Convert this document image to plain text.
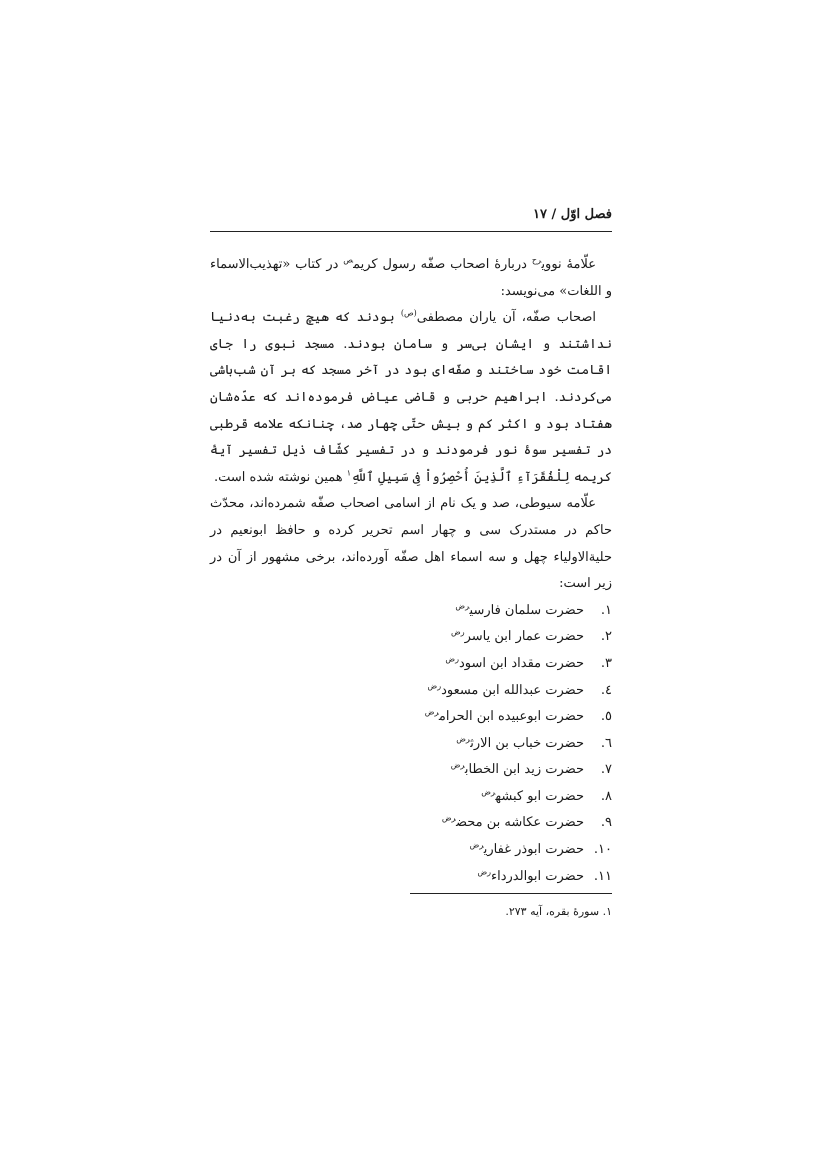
فصل اوّل / ١٧

علّامۀ نووی$^{رح}$ دربارۀ اصحاب صفّه رسول کریم$^ص$ در کتاب «تهذیب‌الاسماء و اللغات» می‌نویسد:

اصحاب صفّه، آن یاران مصطفی$^{(ص)}$ بودند که هیچ رغبت به‌دنیا نداشتند و ایشان بی‌سر و سامان بودند. مسجد نبوی را جای اقامت خود ساختند و صفّه‌ای بود در آخر مسجد که بر آن شب‌باشی می‌کردند. ابراهیم حربی و قاضی عیاض فرموده‌اند که عدّه‌شان هفتاد بود و اکثر کم و بیش حتّی چهار صد، چنانکه علامه قرطبی در تفسیر سوۀ نور فرمودند و در تفسیر کشّاف ذیل تفسیر آیۀ کریمه لِلْفُقَرَآءِ ٱلَّذِينَ أُحْصِرُواْ فِى سَبِيلِ ٱللَّهِ$^١$ همین نوشته شده است.

علّامه سیوطی، صد و یک نام از اسامی اصحاب صفّه شمرده‌اند، محدّث حاکم در مستدرک سی و چهار اسم تحریر کرده و حافظ ابونعیم در حلیة‌الاولیاء چهل و سه اسماء اهل صفّه آورده‌اند، برخی مشهور از آن در زیر است:

١.حضرت سلمان فارسی$^{رض}$
٢.حضرت عمار ابن یاسر$^{رض}$
٣.حضرت مقداد ابن اسود$^{رض}$
٤.حضرت عبدالله ابن مسعود$^{رض}$
٥.حضرت ابوعبیده ابن الحرام$^{رض}$
٦.حضرت خباب بن الارث$^{رض}$
٧.حضرت زید ابن الخطاب$^{رض}$
٨.حضرت ابو کبشه$^{رض}$
٩.حضرت عکاشه بن محض$^{رض}$
١٠.حضرت ابوذر غفاری$^{رض}$
١١.حضرت ابوالدرداء$^{رض}$
١. سورۀ بقره، آیه ٢٧٣.
